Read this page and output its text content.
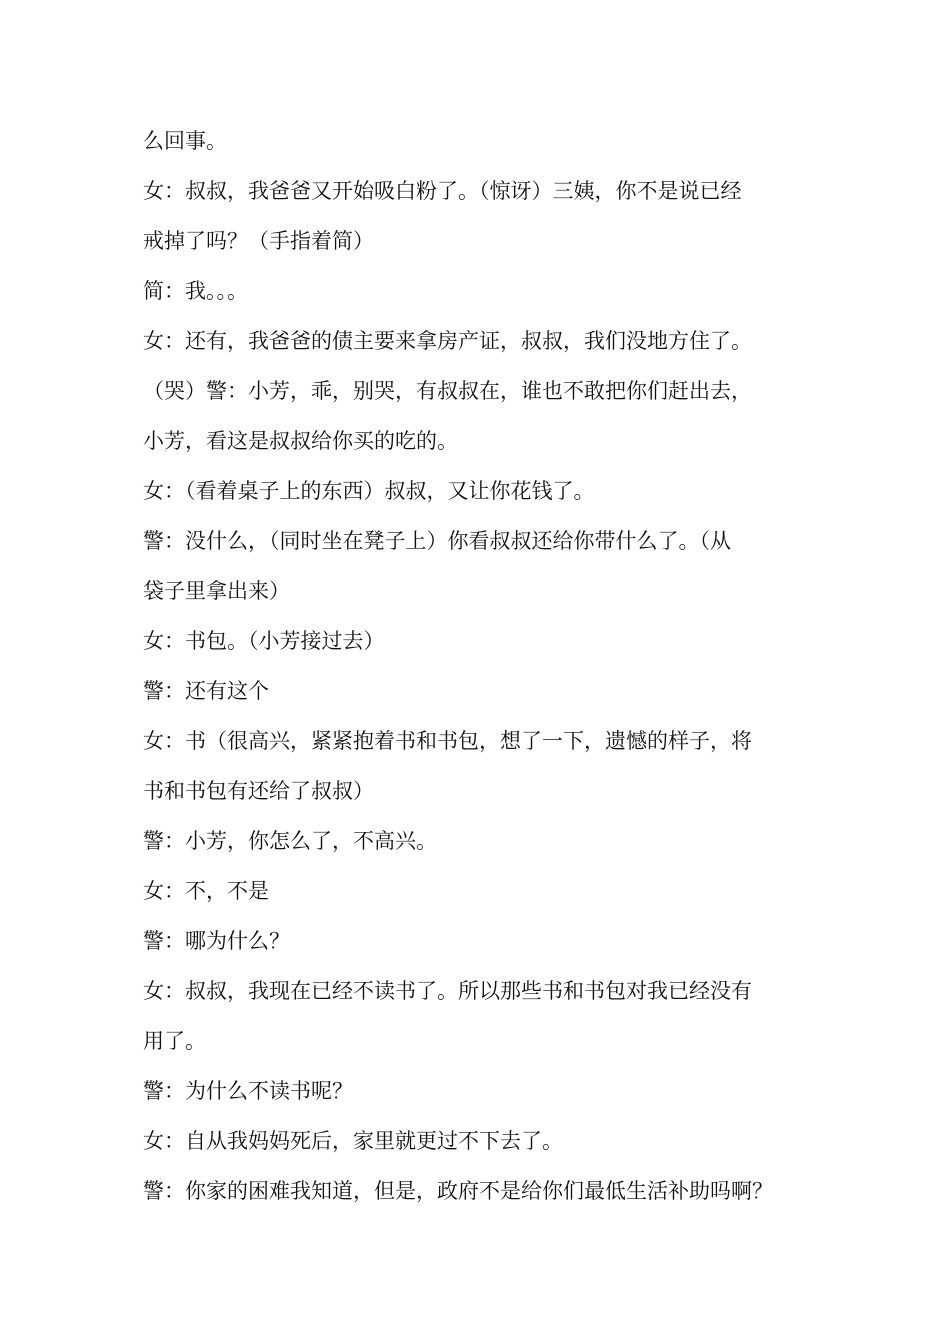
么回事。
女：叔叔，我爸爸又开始吸白粉了。（惊讶）三姨，你不是说已经
戒掉了吗？（手指着简）
简：我。。。
女：还有，我爸爸的债主要来拿房产证，叔叔，我们没地方住了。
（哭）警：小芳，乖，别哭，有叔叔在，谁也不敢把你们赶出去，
小芳，看这是叔叔给你买的吃的。
女：（看着桌子上的东西）叔叔，又让你花钱了。
警：没什么，（同时坐在凳子上）你看叔叔还给你带什么了。（从
袋子里拿出来）
女：书包。（小芳接过去）
警：还有这个
女：书（很高兴，紧紧抱着书和书包，想了一下，遗憾的样子，将
书和书包有还给了叔叔）
警：小芳，你怎么了，不高兴。
女：不，不是
警：哪为什么？
女：叔叔，我现在已经不读书了。所以那些书和书包对我已经没有
用了。
警：为什么不读书呢？
女：自从我妈妈死后，家里就更过不下去了。
警：你家的困难我知道，但是，政府不是给你们最低生活补助吗啊？
